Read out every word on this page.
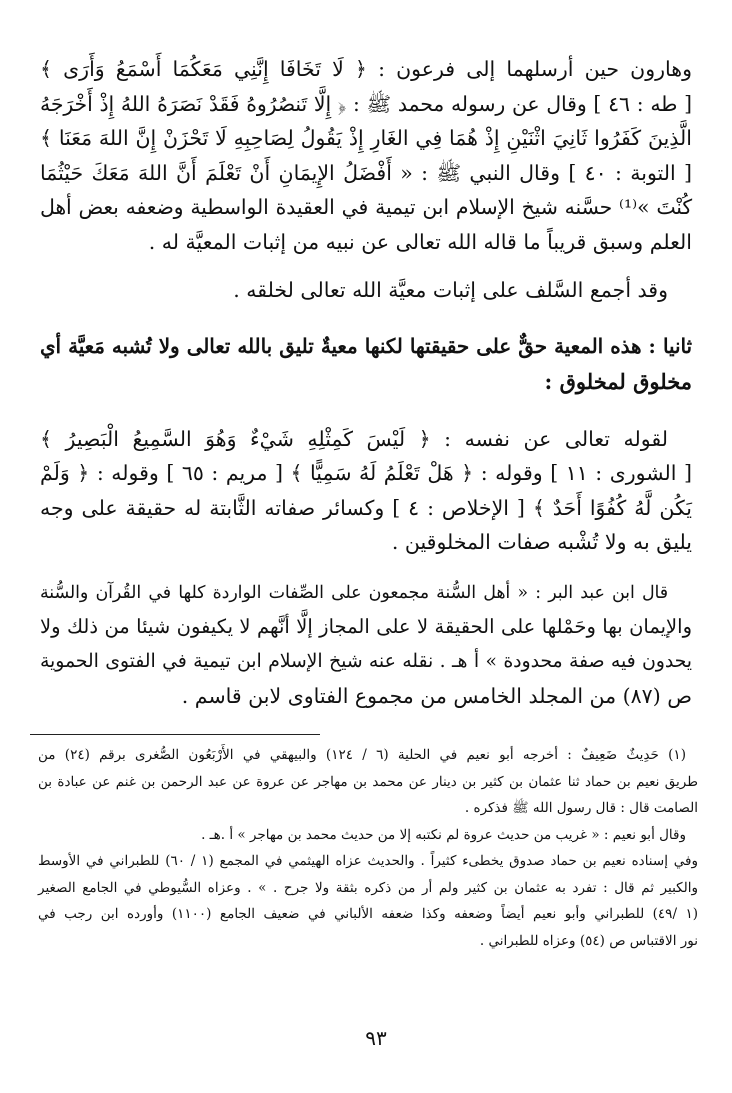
وهارون حين أرسلهما إلى فرعون : ﴿ لَا تَخَافَا إِنَّنِي مَعَكُمَا أَسْمَعُ وَأَرَى ﴾
[ طه : ٤٦ ] وقال عن رسوله محمد ﷺ : ﴿ إِلَّا تَنصُرُوهُ فَقَدْ نَصَرَهُ اللهُ إِذْ أَخْرَجَهُ
الَّذِينَ كَفَرُوا ثَانِيَ اثْنَيْنِ إِذْ هُمَا فِي الغَارِ إِذْ يَقُولُ لِصَاحِبِهِ لَا تَحْزَنْ إِنَّ اللهَ مَعَنَا ﴾
[ التوبة : ٤٠ ] وقال النبي ﷺ : « أَفْضَلُ الإِيمَانِ أَنْ تَعْلَمَ أَنَّ اللهَ مَعَكَ حَيْثُمَا
كُنْتَ »⁽¹⁾ حسَّنه شيخ الإسلام ابن تيمية في العقيدة الواسطية وضعفه بعض أهل
العلم وسبق قريباً ما قاله الله تعالى عن نبيه من إثبات المعيَّة له .
وقد أجمع السَّلف على إثبات معيَّة الله تعالى لخلقه .
ثانيا : هذه المعية حقٌّ على حقيقتها لكنها معيةٌ تليق بالله تعالى ولا تُشبه مَعيَّة أي
مخلوق لمخلوق :
لقوله تعالى عن نفسه : ﴿ لَيْسَ كَمِثْلِهِ شَيْءٌ وَهُوَ السَّمِيعُ الْبَصِيرُ ﴾
[ الشورى : ١١ ] وقوله : ﴿ هَلْ تَعْلَمُ لَهُ سَمِيًّا ﴾ [ مريم : ٦٥ ] وقوله : ﴿ وَلَمْ
يَكُن لَّهُ كُفُوًا أَحَدٌ ﴾ [ الإخلاص : ٤ ] وكسائر صفاته الثَّابتة له حقيقة على وجه
يليق به ولا تُشْبه صفات المخلوقين .
قال ابن عبد البر : « أهل السُّنة مجمعون على الصِّفات الواردة كلها في القُرآن والسُّنة
والإيمان بها وحَمْلها على الحقيقة لا على المجاز إلَّا أنَّهم لا يكيفون شيئا من ذلك ولا
يحدون فيه صفة محدودة » أ هـ . نقله عنه شيخ الإسلام ابن تيمية في الفتوى الحموية
ص (٨٧) من المجلد الخامس من مجموع الفتاوى لابن قاسم .
(١) حَدِيثٌ ضَعِيفٌ : أخرجه أبو نعيم في الحلية (٦ / ١٢٤) والبيهقي في الأَرْبَعُون الصُّغرى برقم (٢٤) من
طريق نعيم بن حماد ثنا عثمان بن كثير بن دينار عن محمد بن مهاجر عن عروة عن عبد الرحمن بن غنم عن عبادة بن
الصامت قال : قال رسول الله ﷺ فذكره .
وقال أبو نعيم : « غريب من حديث عروة لم نكتبه إلا من حديث محمد بن مهاجر » أ .هـ .
وفي إسناده نعيم بن حماد صدوق يخطىء كثيراً . والحديث عزاه الهيثمي في المجمع (١ / ٦٠) للطبراني في الأوسط
والكبير ثم قال : تفرد به عثمان بن كثير ولم أر من ذكره بثقة ولا جرح . » . وعزاه السُّيوطي في الجامع الصغير
(١ /٤٩) للطبراني وأبو نعيم أيضاً وضعفه وكذا ضعفه الألباني في ضعيف الجامع (١١٠٠) وأورده ابن رجب في
نور الاقتباس ص (٥٤) وعزاه للطبراني .
٩٣
